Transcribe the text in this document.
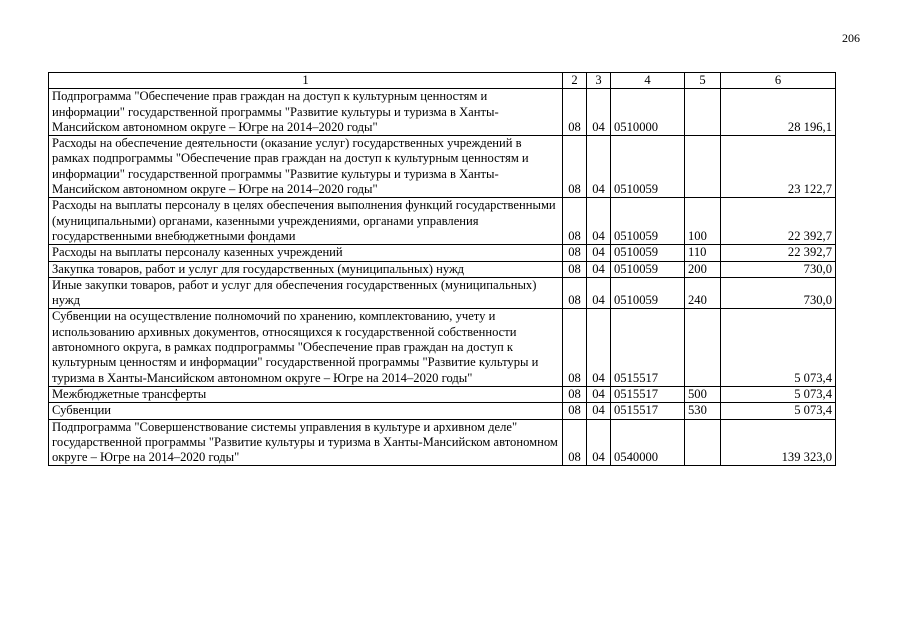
206
1	2	3	4	5	6
Подпрограмма "Обеспечение прав граждан на доступ к культурным ценностям и информации" государственной программы "Развитие культуры и туризма в Ханты-Мансийском автономном округе – Югре на 2014–2020 годы"	08	04	0510000		28 196,1
Расходы на обеспечение деятельности (оказание услуг) государственных учреждений в рамках подпрограммы "Обеспечение прав граждан на доступ к культурным ценностям и информации" государственной программы "Развитие культуры и туризма в Ханты-Мансийском автономном округе – Югре на 2014–2020 годы"	08	04	0510059		23 122,7
Расходы на выплаты персоналу в целях обеспечения выполнения функций государственными (муниципальными) органами, казенными учреждениями, органами управления государственными внебюджетными фондами	08	04	0510059	100	22 392,7
Расходы на выплаты персоналу казенных учреждений	08	04	0510059	110	22 392,7
Закупка товаров, работ и услуг для государственных (муниципальных) нужд	08	04	0510059	200	730,0
Иные закупки товаров, работ и услуг для обеспечения государственных (муниципальных) нужд	08	04	0510059	240	730,0
Субвенции на осуществление полномочий по хранению, комплектованию, учету и использованию архивных документов, относящихся к государственной собственности автономного округа, в рамках подпрограммы "Обеспечение прав граждан на доступ к культурным ценностям и информации" государственной программы "Развитие культуры и туризма в Ханты-Мансийском автономном округе – Югре на 2014–2020 годы"	08	04	0515517		5 073,4
Межбюджетные трансферты	08	04	0515517	500	5 073,4
Субвенции	08	04	0515517	530	5 073,4
Подпрограмма "Совершенствование системы управления в культуре и архивном деле" государственной программы "Развитие культуры и туризма в Ханты-Мансийском автономном округе – Югре на 2014–2020 годы"	08	04	0540000		139 323,0
